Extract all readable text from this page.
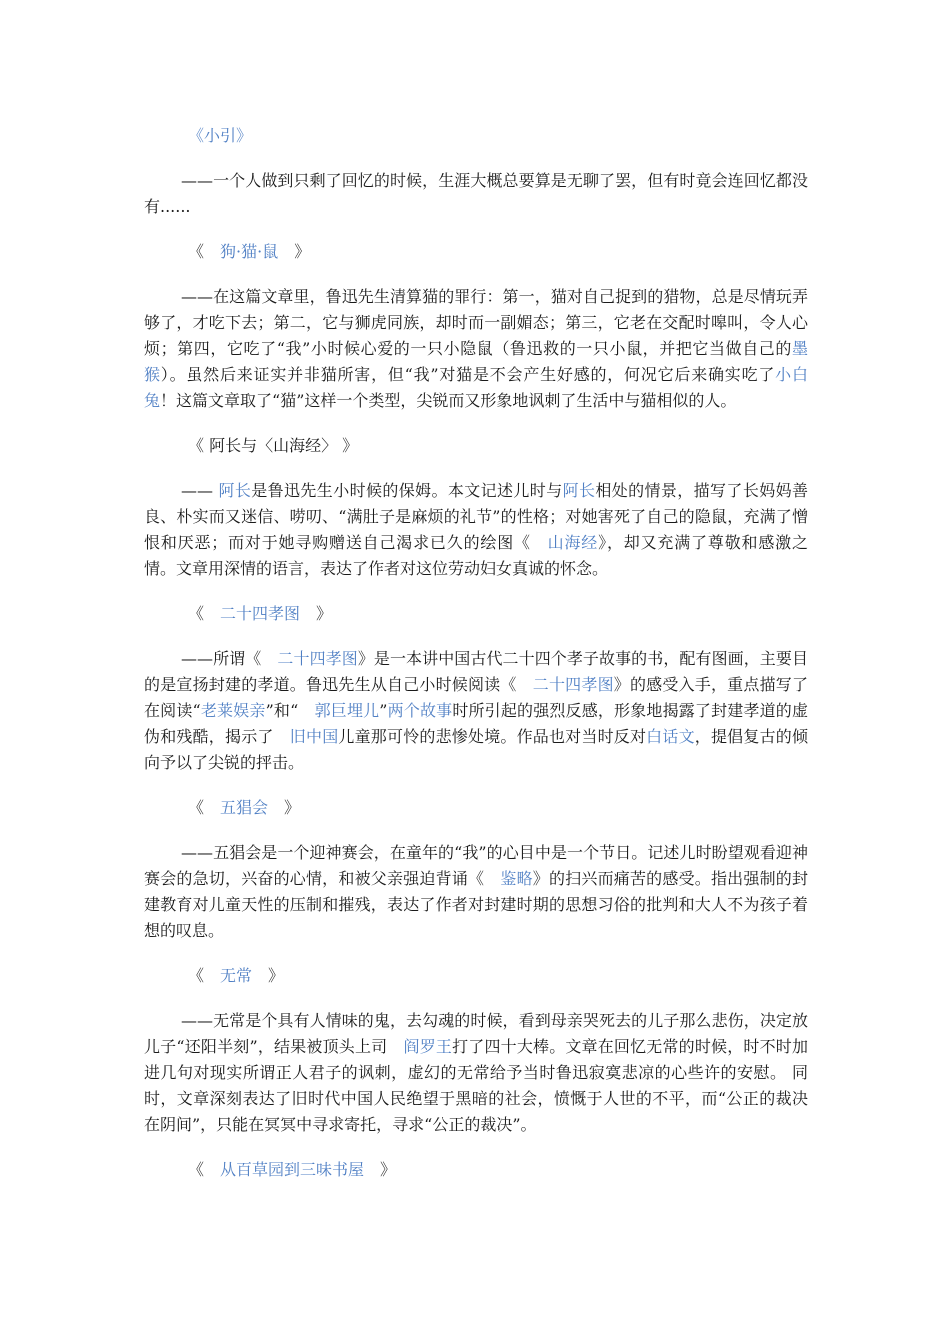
《小引》

——一个人做到只剩了回忆的时候，生涯大概总要算是无聊了罢，但有时竟会连回忆都没有......

《　狗·猫·鼠　》

——在这篇文章里，鲁迅先生清算猫的罪行：第一，猫对自己捉到的猎物，总是尽情玩弄够了，才吃下去；第二，它与狮虎同族，却时而一副媚态；第三，它老在交配时嗥叫，令人心烦；第四，它吃了“我”小时候心爱的一只小隐鼠（鲁迅救的一只小鼠，并把它当做自己的墨猴）。虽然后来证实并非猫所害，但“我”对猫是不会产生好感的，何况它后来确实吃了小白兔！这篇文章取了“猫”这样一个类型，尖锐而又形象地讽刺了生活中与猫相似的人。

《 阿长与〈山海经〉 》

—— 阿长是鲁迅先生小时候的保姆。本文记述儿时与阿长相处的情景，描写了长妈妈善良、朴实而又迷信、唠叨、“满肚子是麻烦的礼节”的性格；对她害死了自己的隐鼠，充满了憎恨和厌恶；而对于她寻购赠送自己渴求已久的绘图《　山海经》，却又充满了尊敬和感激之情。文章用深情的语言，表达了作者对这位劳动妇女真诚的怀念。

《　二十四孝图　》

——所谓《　二十四孝图》是一本讲中国古代二十四个孝子故事的书，配有图画，主要目的是宣扬封建的孝道。鲁迅先生从自己小时候阅读《　二十四孝图》的感受入手，重点描写了在阅读“老莱娱亲”和“　郭巨埋儿”两个故事时所引起的强烈反感，形象地揭露了封建孝道的虚伪和残酷，揭示了　旧中国儿童那可怜的悲惨处境。作品也对当时反对白话文，提倡复古的倾向予以了尖锐的抨击。

《　五猖会　》

——五猖会是一个迎神赛会，在童年的“我”的心目中是一个节日。记述儿时盼望观看迎神赛会的急切，兴奋的心情，和被父亲强迫背诵《　鉴略》的扫兴而痛苦的感受。指出强制的封建教育对儿童天性的压制和摧残，表达了作者对封建时期的思想习俗的批判和大人不为孩子着想的叹息。

《　无常　》

——无常是个具有人情味的鬼，去勾魂的时候，看到母亲哭死去的儿子那么悲伤，决定放儿子“还阳半刻”，结果被顶头上司　阎罗王打了四十大棒。文章在回忆无常的时候，时不时加进几句对现实所谓正人君子的讽刺，虚幻的无常给予当时鲁迅寂寞悲凉的心些许的安慰。 同时，文章深刻表达了旧时代中国人民绝望于黑暗的社会，愤慨于人世的不平，而“公正的裁决在阴间”，只能在冥冥中寻求寄托，寻求“公正的裁决”。

《　从百草园到三味书屋　》
